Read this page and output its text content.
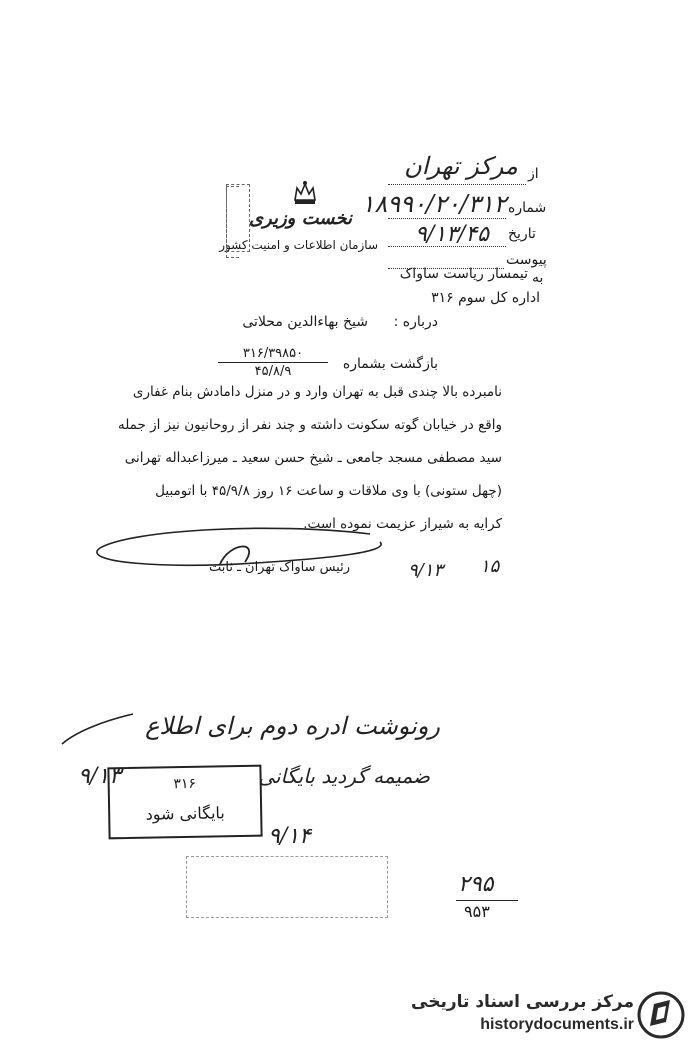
نخست وزیری
سازمان اطلاعات و امنیت کشور
از
مرکز تهران
شماره
۱۸۹۹۰/۲۰/۳۱۲
تاریخ
۹/۱۳/۴۵
پیوست
به
تیمسار ریاست ساواک
اداره کل سوم ۳۱۶
درباره :
شیخ بهاءالدین محلاتی
بازگشت بشماره
۳۱۶/۳۹۸۵۰
۴۵/۸/۹
نامبرده بالا چندی قبل به تهران وارد و در منزل دامادش بنام غفاری
واقع در خیابان گوته سکونت داشته و چند نفر از روحانیون نیز از جمله
سید مصطفی مسجد جامعی ـ شیخ حسن سعید ـ میرزاعبداله تهرانی
(چهل ستونی) با وی ملاقات و ساعت ۱۶ روز ۴۵/۹/۸ با اتومبیل
کرایه به شیراز عزیمت نموده است.
رئیس ساواک تهران ـ ثابت	۹/۱۳ ۱۵
رونوشت ادره دوم برای اطلاع
ضمیمه گردید بایگانی
۹/۱۳	۳۱۶
بایگانی شود
۹/۱۴
۲۹۵
۹۵۳
مرکز بررسی اسناد تاریخی
historydocuments.ir
